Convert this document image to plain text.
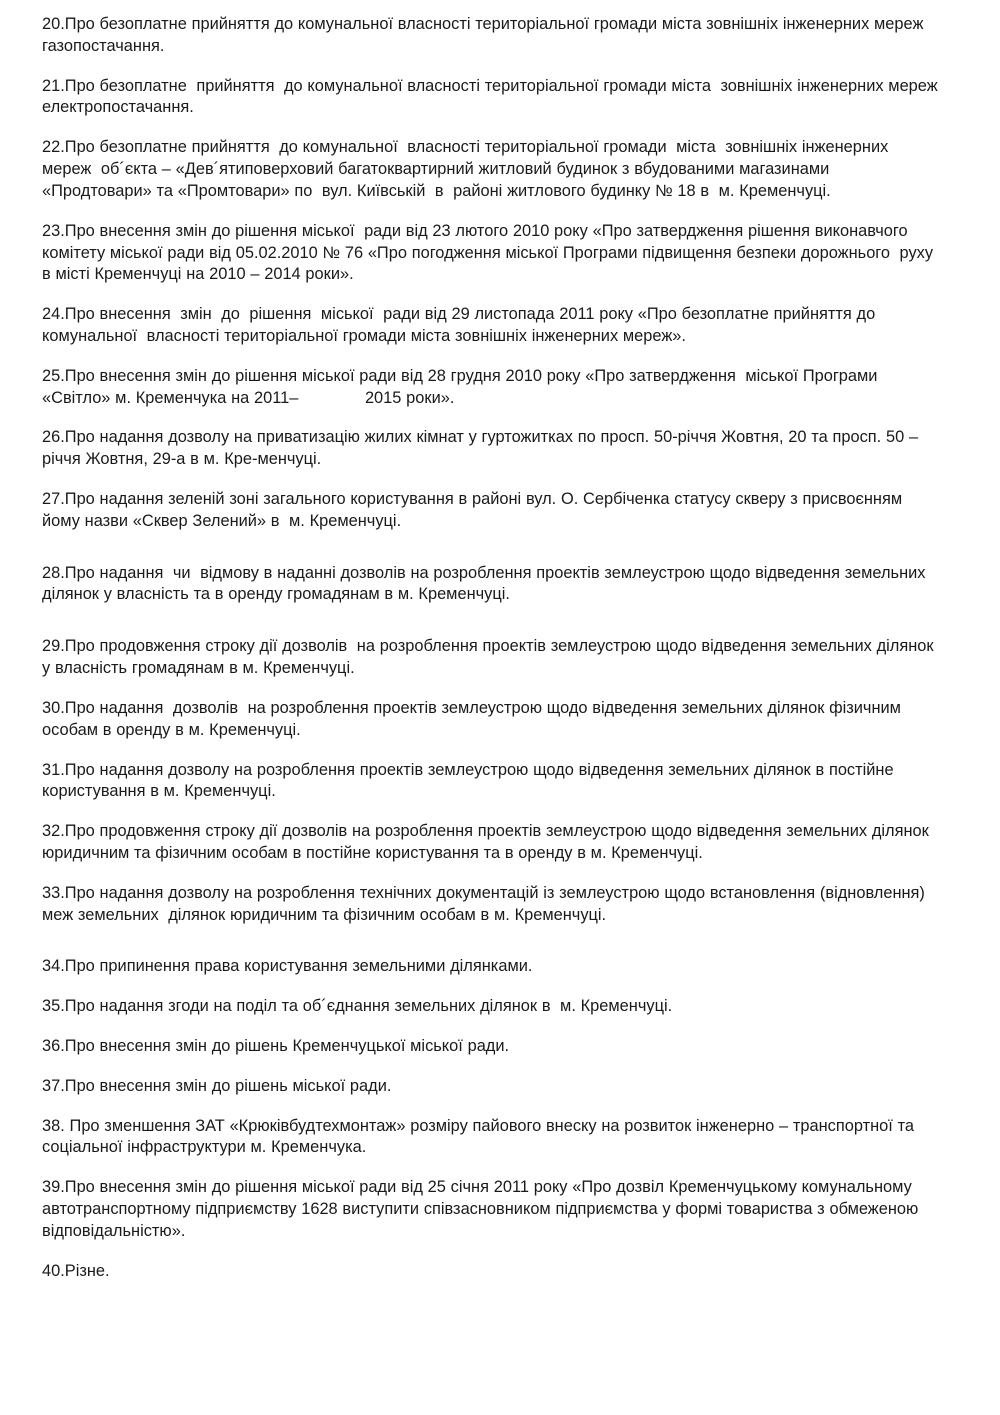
20.Про безоплатне прийняття до комунальної власності територіальної громади міста зовнішніх інженерних мереж газопостачання.

21.Про безоплатне  прийняття  до комунальної власності територіальної громади міста  зовнішніх інженерних мереж електропостачання.

22.Про безоплатне прийняття  до комунальної  власності територіальної громади  міста  зовнішніх інженерних  мереж  об´єкта – «Дев´ятиповерховий багатоквартирний житловий будинок з вбудованими магазинами «Продтовари» та «Промтовари» по  вул. Київській  в  районі житлового будинку № 18 в  м. Кременчуці.

23.Про внесення змін до рішення міської  ради від 23 лютого 2010 року «Про затвердження рішення виконавчого комітету міської ради від 05.02.2010 № 76 «Про погодження міської Програми підвищення безпеки дорожнього  руху в місті Кременчуці на 2010 – 2014 роки».

24.Про внесення  змін  до  рішення  міської  ради від 29 листопада 2011 року «Про безоплатне прийняття до комунальної  власності територіальної громади міста зовнішніх інженерних мереж».

25.Про внесення змін до рішення міської ради від 28 грудня 2010 року «Про затвердження  міської Програми «Світло» м. Кременчука на 2011–              2015 роки».

26.Про надання дозволу на приватизацію жилих кімнат у гуртожитках по просп. 50-річчя Жовтня, 20 та просп. 50 – річчя Жовтня, 29-а в м. Кре-менчуці.

27.Про надання зеленій зоні загального користування в районі вул. О. Сербіченка статусу скверу з присвоєнням йому назви «Сквер Зелений» в  м. Кременчуці.

28.Про надання  чи  відмову в наданні дозволів на розроблення проектів землеустрою щодо відведення земельних ділянок у власність та в оренду громадянам в м. Кременчуці.

29.Про продовження строку дії дозволів  на розроблення проектів землеустрою щодо відведення земельних ділянок у власність громадянам в м. Кременчуці.

30.Про надання  дозволів  на розроблення проектів землеустрою щодо відведення земельних ділянок фізичним особам в оренду в м. Кременчуці.

31.Про надання дозволу на розроблення проектів землеустрою щодо відведення земельних ділянок в постійне користування в м. Кременчуці.

32.Про продовження строку дії дозволів на розроблення проектів землеустрою щодо відведення земельних ділянок юридичним та фізичним особам в постійне користування та в оренду в м. Кременчуці.

33.Про надання дозволу на розроблення технічних документацій із землеустрою щодо встановлення (відновлення) меж земельних  ділянок юридичним та фізичним особам в м. Кременчуці.

34.Про припинення права користування земельними ділянками.

35.Про надання згоди на поділ та об´єднання земельних ділянок в  м. Кременчуці.

36.Про внесення змін до рішень Кременчуцької міської ради.

37.Про внесення змін до рішень міської ради.

38. Про зменшення ЗАТ «Крюківбудтехмонтаж» розміру пайового внеску на розвиток інженерно – транспортної та соціальної інфраструктури м. Кременчука.

39.Про внесення змін до рішення міської ради від 25 січня 2011 року «Про дозвіл Кременчуцькому комунальному автотранспортному підприємству 1628 виступити співзасновником підприємства у формі товариства з обмеженою відповідальністю».

40.Різне.
